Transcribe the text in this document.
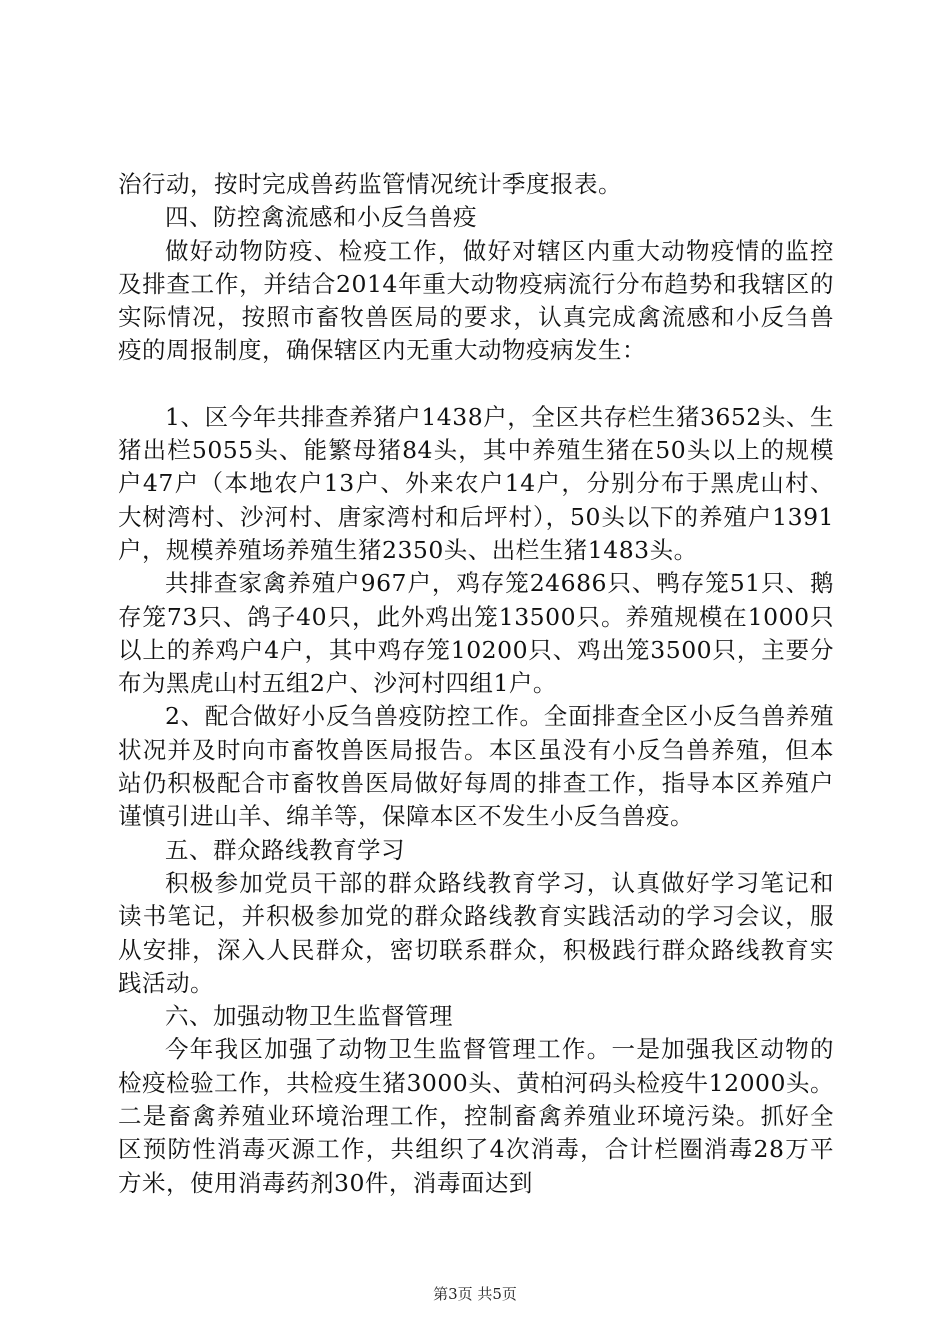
治行动，按时完成兽药监管情况统计季度报表。

四、防控禽流感和小反刍兽疫

做好动物防疫、检疫工作，做好对辖区内重大动物疫情的监控及排查工作，并结合2014年重大动物疫病流行分布趋势和我辖区的实际情况，按照市畜牧兽医局的要求，认真完成禽流感和小反刍兽疫的周报制度，确保辖区内无重大动物疫病发生：

1、区今年共排查养猪户1438户，全区共存栏生猪3652头、生猪出栏5055头、能繁母猪84头，其中养殖生猪在50头以上的规模户47户（本地农户13户、外来农户14户，分别分布于黑虎山村、大树湾村、沙河村、唐家湾村和后坪村），50头以下的养殖户1391户，规模养殖场养殖生猪2350头、出栏生猪1483头。

共排查家禽养殖户967户，鸡存笼24686只、鸭存笼51只、鹅存笼73只、鸽子40只，此外鸡出笼13500只。养殖规模在1000只以上的养鸡户4户，其中鸡存笼10200只、鸡出笼3500只，主要分布为黑虎山村五组2户、沙河村四组1户。

2、配合做好小反刍兽疫防控工作。全面排查全区小反刍兽养殖状况并及时向市畜牧兽医局报告。本区虽没有小反刍兽养殖，但本站仍积极配合市畜牧兽医局做好每周的排查工作，指导本区养殖户谨慎引进山羊、绵羊等，保障本区不发生小反刍兽疫。

五、群众路线教育学习

积极参加党员干部的群众路线教育学习，认真做好学习笔记和读书笔记，并积极参加党的群众路线教育实践活动的学习会议，服从安排，深入人民群众，密切联系群众，积极践行群众路线教育实践活动。

六、加强动物卫生监督管理

今年我区加强了动物卫生监督管理工作。一是加强我区动物的检疫检验工作，共检疫生猪3000头、黄柏河码头检疫牛12000头。二是畜禽养殖业环境治理工作，控制畜禽养殖业环境污染。抓好全区预防性消毒灭源工作，共组织了4次消毒，合计栏圈消毒28万平方米，使用消毒药剂30件，消毒面达到

第3页 共5页
